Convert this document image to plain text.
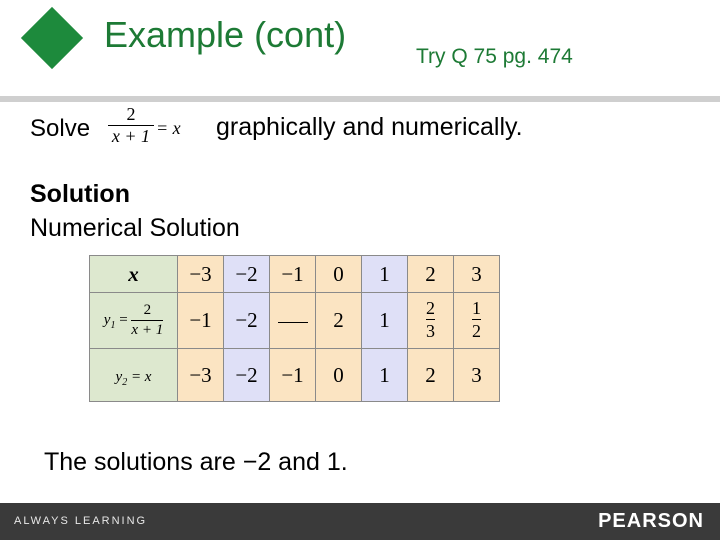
Example (cont)
Try Q 75 pg. 474
Solve
2
x + 1 = x graphically and numerically.
Solution
Numerical Solution
x	−3	−2	−1	0	1	2	3
$y_1 = \frac{2}{x + 1}$	−1	−2		2	1	$\frac{2}{3}$	$\frac{1}{2}$
$y_2 = x$	−3	−2	−1	0	1	2	3
The solutions are −2 and 1.
ALWAYS LEARNING	PEARSON
